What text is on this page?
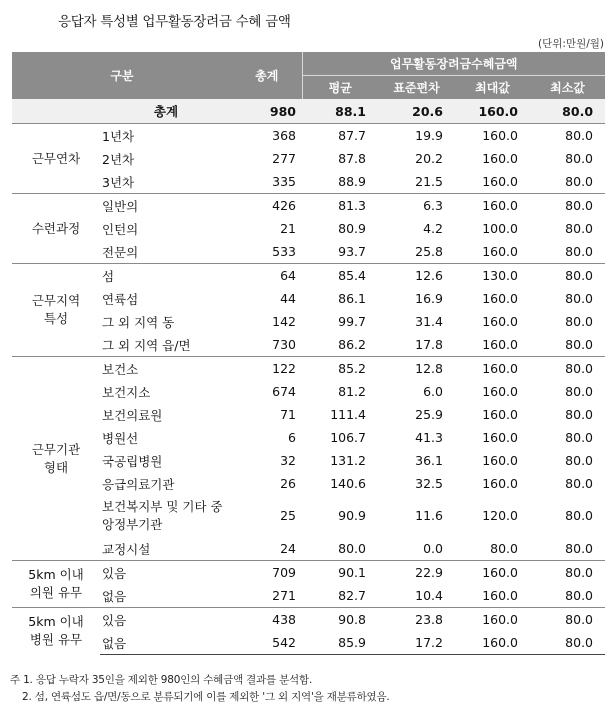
응답자 특성별 업무활동장려금 수혜 금액
(단위:만원/월)
구분		총계	업무활동장려금수혜금액			
			평균	표준편차	최대값	최소값
	총계	980	88.1	20.6	160.0	80.0
근무연차	1년차	368	87.7	19.9	160.0	80.0
	2년차	277	87.8	20.2	160.0	80.0
	3년차	335	88.9	21.5	160.0	80.0
수련과정	일반의	426	81.3	6.3	160.0	80.0
	인턴의	21	80.9	4.2	100.0	80.0
	전문의	533	93.7	25.8	160.0	80.0
근무지역 특성	섬	64	85.4	12.6	130.0	80.0
	연륙섬	44	86.1	16.9	160.0	80.0
	그 외 지역 동	142	99.7	31.4	160.0	80.0
	그 외 지역 읍/면	730	86.2	17.8	160.0	80.0
근무기관 형태	보건소	122	85.2	12.8	160.0	80.0
	보건지소	674	81.2	6.0	160.0	80.0
	보건의료원	71	111.4	25.9	160.0	80.0
	병원선	6	106.7	41.3	160.0	80.0
	국공립병원	32	131.2	36.1	160.0	80.0
	응급의료기관	26	140.6	32.5	160.0	80.0
	보건복지부 및 기타 중앙정부기관	25	90.9	11.6	120.0	80.0
	교정시설	24	80.0	0.0	80.0	80.0
5km 이내 의원 유무	있음	709	90.1	22.9	160.0	80.0
	없음	271	82.7	10.4	160.0	80.0
5km 이내 병원 유무	있음	438	90.8	23.8	160.0	80.0
	없음	542	85.9	17.2	160.0	80.0
주 1. 응답 누락자 35인을 제외한 980인의 수혜금액 결과를 분석함.
2. 섬, 연륙섬도 읍/면/동으로 분류되기에 이를 제외한 '그 외 지역'을 재분류하였음.
